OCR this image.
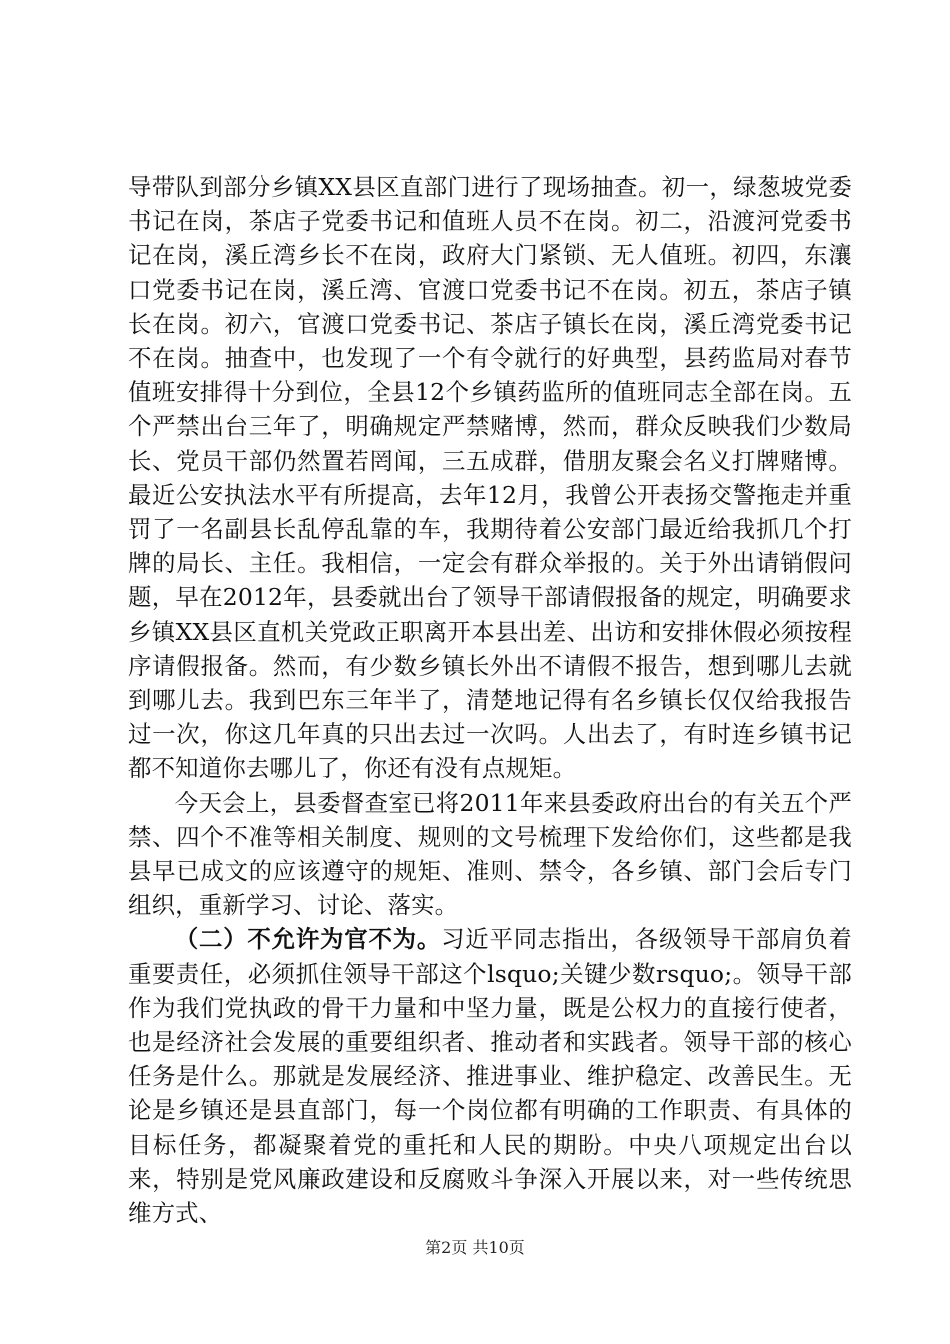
导带队到部分乡镇XX县区直部门进行了现场抽查。初一，绿葱坡党委书记在岗，茶店子党委书记和值班人员不在岗。初二，沿渡河党委书记在岗，溪丘湾乡长不在岗，政府大门紧锁、无人值班。初四，东瀼口党委书记在岗，溪丘湾、官渡口党委书记不在岗。初五，茶店子镇长在岗。初六，官渡口党委书记、茶店子镇长在岗，溪丘湾党委书记不在岗。抽查中，也发现了一个有令就行的好典型，县药监局对春节值班安排得十分到位，全县12个乡镇药监所的值班同志全部在岗。五个严禁出台三年了，明确规定严禁赌博，然而，群众反映我们少数局长、党员干部仍然置若罔闻，三五成群，借朋友聚会名义打牌赌博。最近公安执法水平有所提高，去年12月，我曾公开表扬交警拖走并重罚了一名副县长乱停乱靠的车，我期待着公安部门最近给我抓几个打牌的局长、主任。我相信，一定会有群众举报的。关于外出请销假问题，早在2012年，县委就出台了领导干部请假报备的规定，明确要求乡镇XX县区直机关党政正职离开本县出差、出访和安排休假必须按程序请假报备。然而，有少数乡镇长外出不请假不报告，想到哪儿去就到哪儿去。我到巴东三年半了，清楚地记得有名乡镇长仅仅给我报告过一次，你这几年真的只出去过一次吗。人出去了，有时连乡镇书记都不知道你去哪儿了，你还有没有点规矩。

今天会上，县委督查室已将2011年来县委政府出台的有关五个严禁、四个不准等相关制度、规则的文号梳理下发给你们，这些都是我县早已成文的应该遵守的规矩、准则、禁令，各乡镇、部门会后专门组织，重新学习、讨论、落实。

（二）不允许为官不为。习近平同志指出，各级领导干部肩负着重要责任，必须抓住领导干部这个lsquo;关键少数rsquo;。领导干部作为我们党执政的骨干力量和中坚力量，既是公权力的直接行使者，也是经济社会发展的重要组织者、推动者和实践者。领导干部的核心任务是什么。那就是发展经济、推进事业、维护稳定、改善民生。无论是乡镇还是县直部门，每一个岗位都有明确的工作职责、有具体的目标任务，都凝聚着党的重托和人民的期盼。中央八项规定出台以来，特别是党风廉政建设和反腐败斗争深入开展以来，对一些传统思维方式、

第2页 共10页
